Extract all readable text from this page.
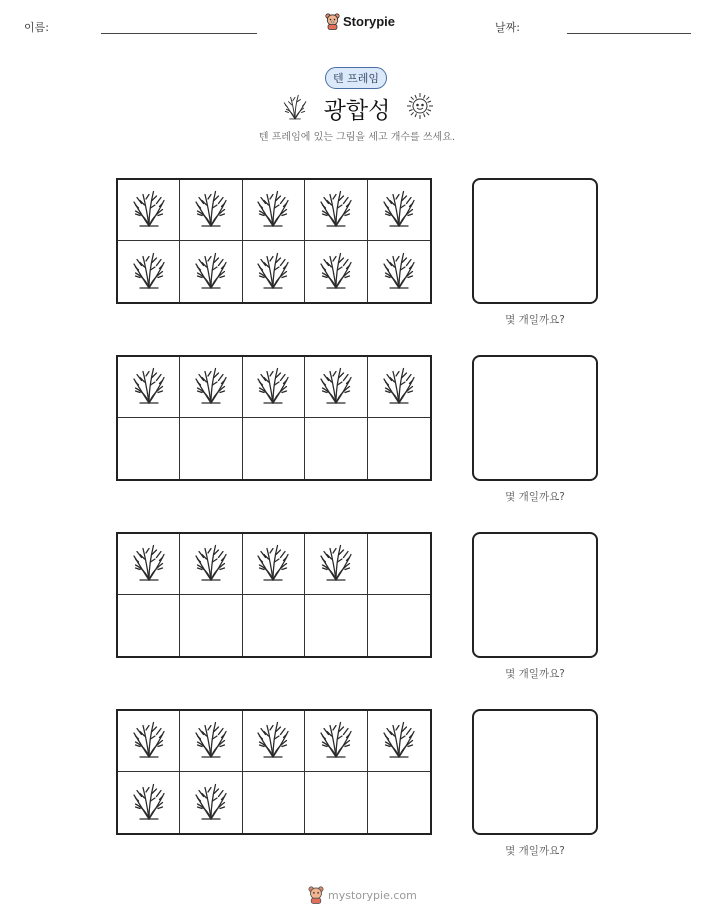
이름:	Storypie	날짜:
텐 프레임
광합성
텐 프레임에 있는 그림을 세고 개수를 쓰세요.
몇 개일까요?
몇 개일까요?
몇 개일까요?
몇 개일까요?
mystorypie.com
